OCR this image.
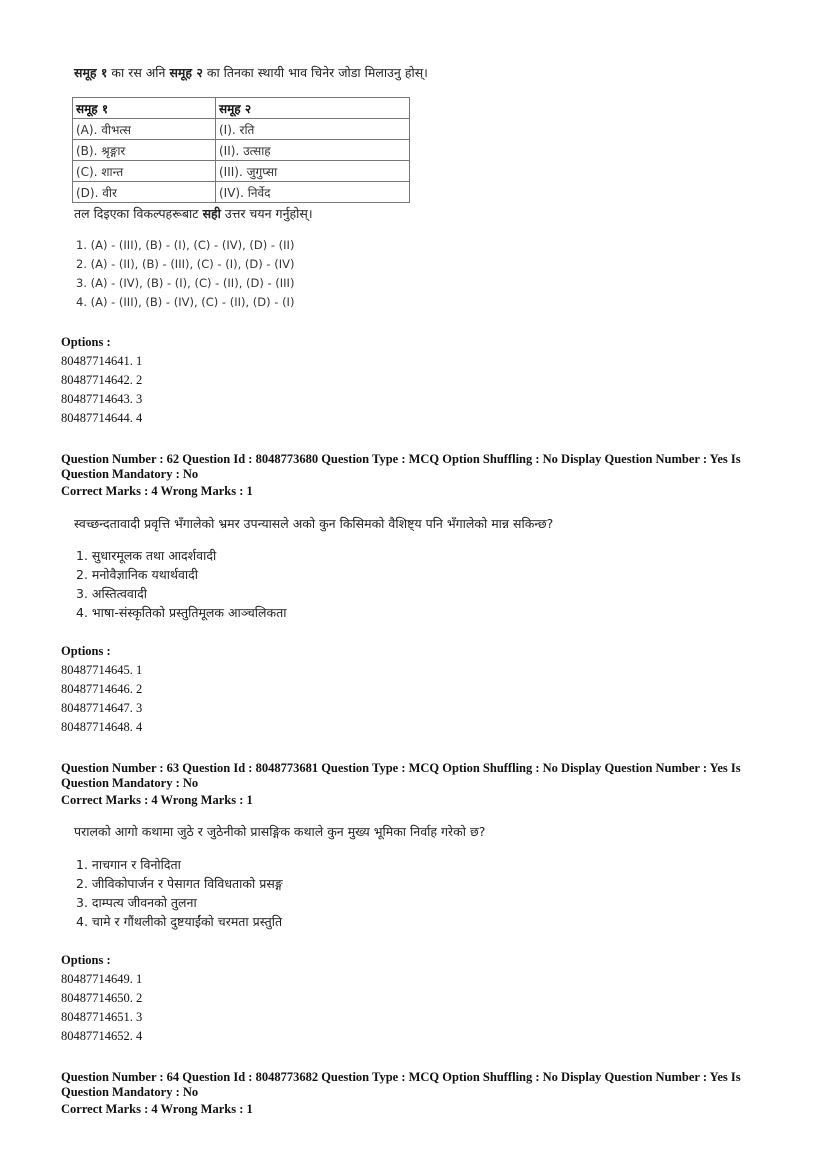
समूह १ का रस अनि समूह २ का तिनका स्थायी भाव चिनेर जोडा मिलाउनु होस्।
समूह १	समूह २
(A). वीभत्स	(I). रति
(B). श्रृङ्गार	(II). उत्साह
(C). शान्त	(III). जुगुप्सा
(D). वीर	(IV). निर्वेद
तल दिइएका विकल्पहरूबाट सही उत्तर चयन गर्नुहोस्।
1. (A) - (III), (B) - (I), (C) - (IV), (D) - (II)
2. (A) - (II), (B) - (III), (C) - (I), (D) - (IV)
3. (A) - (IV), (B) - (I), (C) - (II), (D) - (III)
4. (A) - (III), (B) - (IV), (C) - (II), (D) - (I)
Options :
80487714641. 1
80487714642. 2
80487714643. 3
80487714644. 4

Question Number : 62 Question Id : 8048773680 Question Type : MCQ Option Shuffling : No Display Question Number : Yes Is

Question Mandatory : No

Correct Marks : 4 Wrong Marks : 1

स्वच्छन्दतावादी प्रवृत्ति भँगालेको भ्रमर उपन्यासले अको कुन किसिमको वैशिष्ट्य पनि भँगालेको मान्न सकिन्छ?
1. सुधारमूलक तथा आदर्शवादी
2. मनोवैज्ञानिक यथार्थवादी
3. अस्तित्ववादी
4. भाषा-संस्कृतिको प्रस्तुतिमूलक आञ्चलिकता
Options :
80487714645. 1
80487714646. 2
80487714647. 3
80487714648. 4

Question Number : 63 Question Id : 8048773681 Question Type : MCQ Option Shuffling : No Display Question Number : Yes Is

Question Mandatory : No

Correct Marks : 4 Wrong Marks : 1

परालको आगो कथामा जुठे र जुठेनीको प्रासङ्गिक कथाले कुन मुख्य भूमिका निर्वाह गरेको छ?
1. नाचगान र विनोदिता
2. जीविकोपार्जन र पेसागत विविधताको प्रसङ्ग
3. दाम्पत्य जीवनको तुलना
4. चामे र गौंथलीको दुष्टयाईंको चरमता प्रस्तुति
Options :
80487714649. 1
80487714650. 2
80487714651. 3
80487714652. 4

Question Number : 64 Question Id : 8048773682 Question Type : MCQ Option Shuffling : No Display Question Number : Yes Is

Question Mandatory : No

Correct Marks : 4 Wrong Marks : 1
